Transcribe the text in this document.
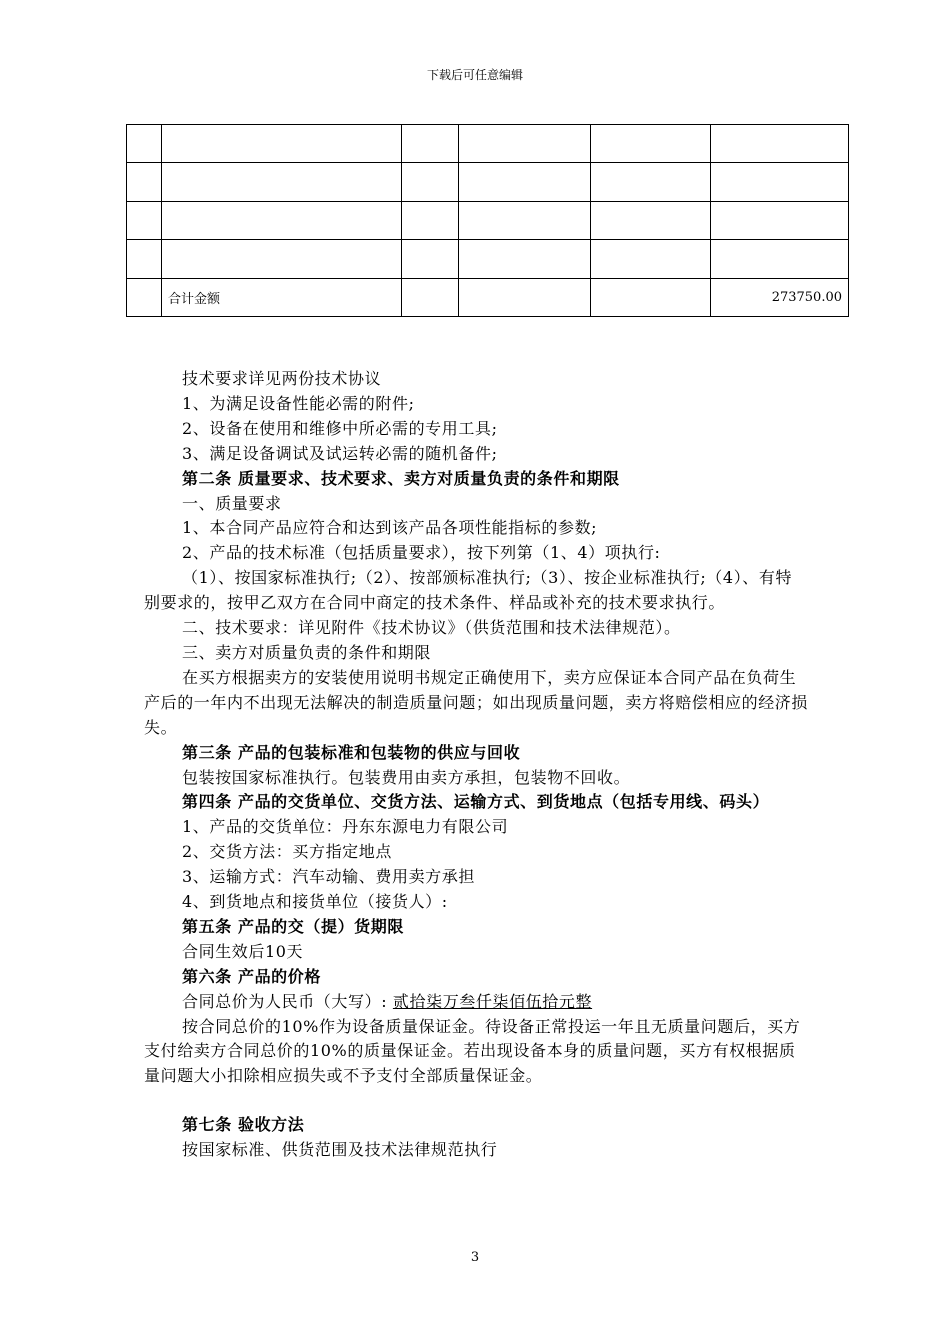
下载后可任意编辑

	合计金额				273750.00

技术要求详见两份技术协议

1、为满足设备性能必需的附件;

2、设备在使用和维修中所必需的专用工具;

3、满足设备调试及试运转必需的随机备件;

第二条 质量要求、技术要求、卖方对质量负责的条件和期限

一、质量要求

1、本合同产品应符合和达到该产品各项性能指标的参数;

2、产品的技术标准（包括质量要求），按下列第（1、4）项执行:

（1）、按国家标准执行;（2）、按部颁标准执行;（3）、按企业标准执行;（4）、有特别要求的，按甲乙双方在合同中商定的技术条件、样品或补充的技术要求执行。

二、技术要求：详见附件《技术协议》（供货范围和技术法律规范）。

三、卖方对质量负责的条件和期限

在买方根据卖方的安装使用说明书规定正确使用下，卖方应保证本合同产品在负荷生产后的一年内不出现无法解决的制造质量问题；如出现质量问题，卖方将赔偿相应的经济损失。

第三条 产品的包装标准和包装物的供应与回收

包装按国家标准执行。包装费用由卖方承担，包装物不回收。

第四条 产品的交货单位、交货方法、运输方式、到货地点（包括专用线、码头）

1、产品的交货单位：丹东东源电力有限公司

2、交货方法：买方指定地点

3、运输方式：汽车动输、费用卖方承担

4、到货地点和接货单位（接货人）:

第五条 产品的交（提）货期限

合同生效后10天

第六条 产品的价格

合同总价为人民币（大写）: 贰拾柒万叁仟柒佰伍拾元整

按合同总价的10%作为设备质量保证金。待设备正常投运一年且无质量问题后，买方支付给卖方合同总价的10%的质量保证金。若出现设备本身的质量问题，买方有权根据质量问题大小扣除相应损失或不予支付全部质量保证金。

第七条 验收方法

按国家标准、供货范围及技术法律规范执行

3
